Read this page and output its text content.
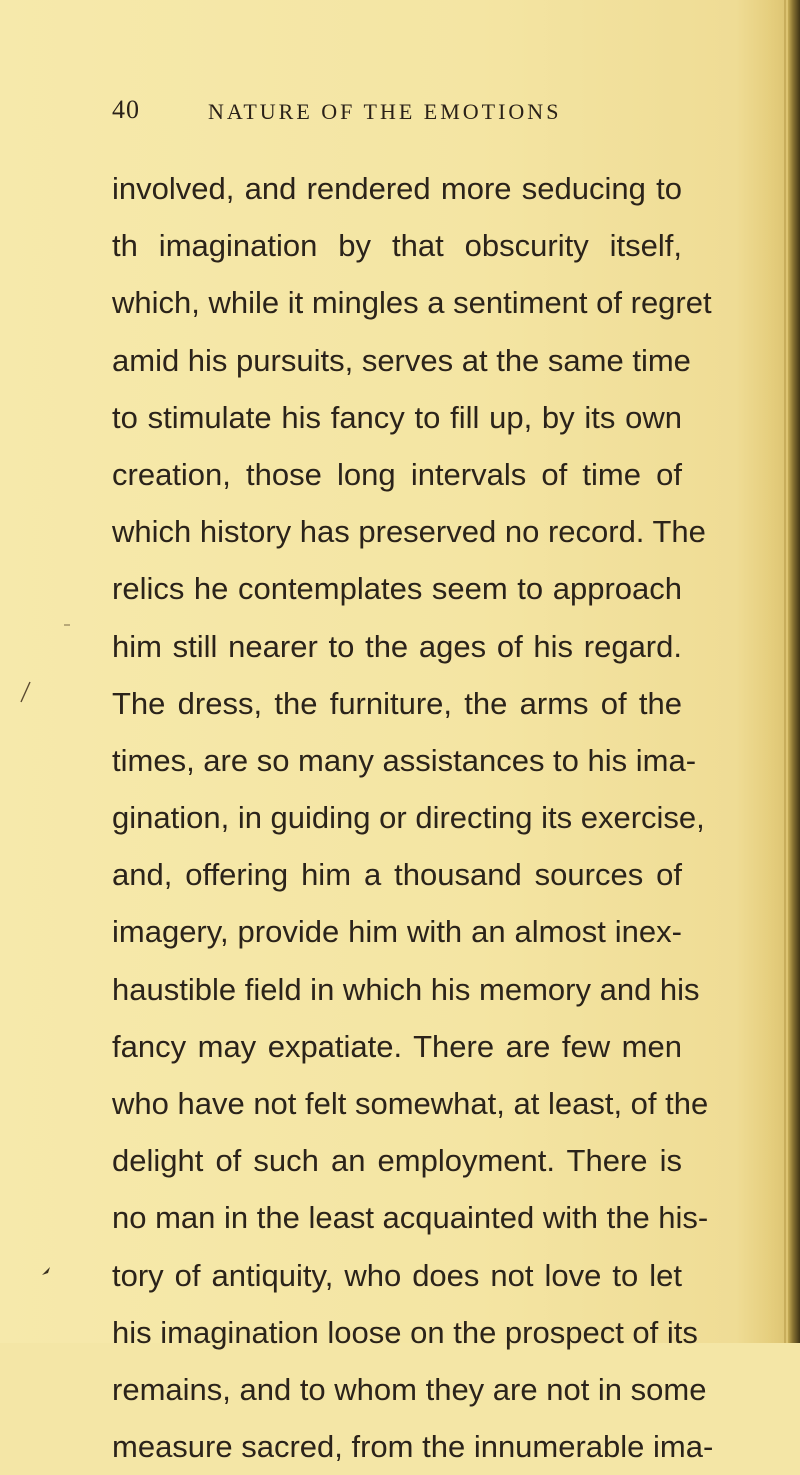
40	NATURE OF THE EMOTIONS
involved, and rendered more seducing to
th imagination by that obscurity itself,
which, while it mingles a sentiment of regret
amid his pursuits, serves at the same time
to stimulate his fancy to fill up, by its own
creation, those long intervals of time of
which history has preserved no record. The
relics he contemplates seem to approach
him still nearer to the ages of his regard.
The dress, the furniture, the arms of the
times, are so many assistances to his ima-
gination, in guiding or directing its exercise,
and, offering him a thousand sources of
imagery, provide him with an almost inex-
haustible field in which his memory and his
fancy may expatiate. There are few men
who have not felt somewhat, at least, of the
delight of such an employment. There is
no man in the least acquainted with the his-
tory of antiquity, who does not love to let
his imagination loose on the prospect of its
remains, and to whom they are not in some
measure sacred, from the innumerable ima-
